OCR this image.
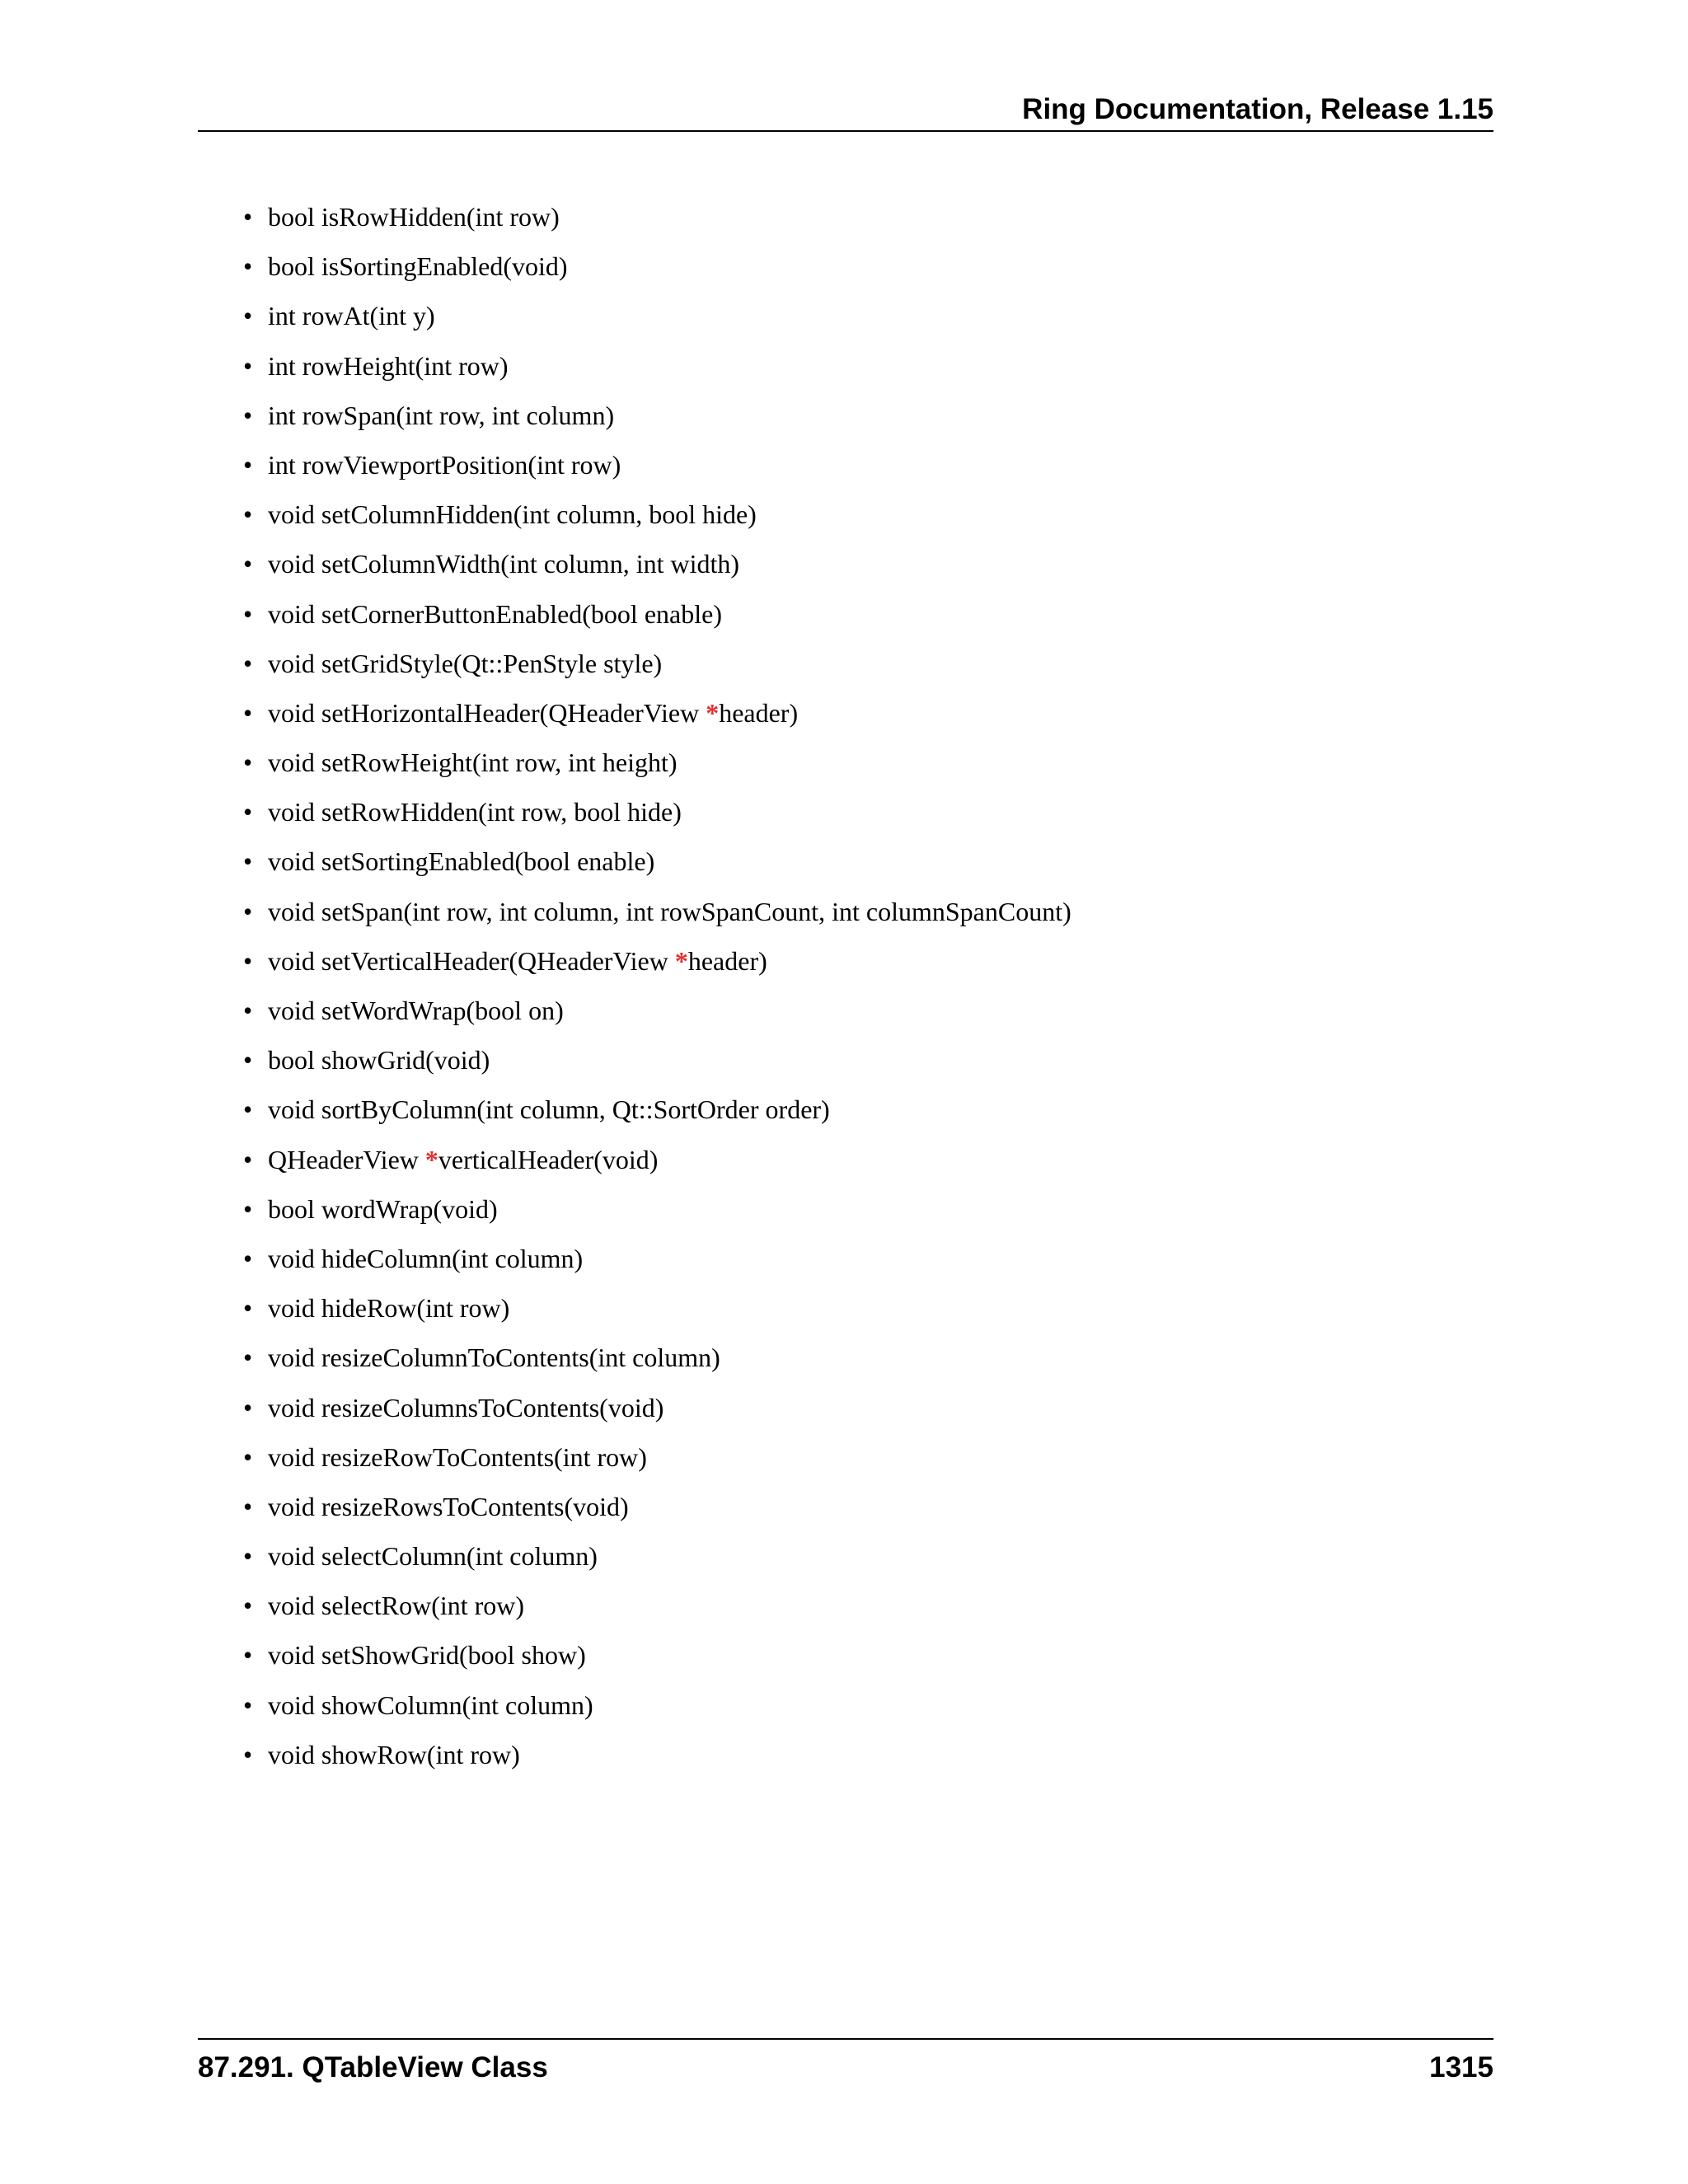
Ring Documentation, Release 1.15
• bool isRowHidden(int row)
• bool isSortingEnabled(void)
• int rowAt(int y)
• int rowHeight(int row)
• int rowSpan(int row, int column)
• int rowViewportPosition(int row)
• void setColumnHidden(int column, bool hide)
• void setColumnWidth(int column, int width)
• void setCornerButtonEnabled(bool enable)
• void setGridStyle(Qt::PenStyle style)
• void setHorizontalHeader(QHeaderView *header)
• void setRowHeight(int row, int height)
• void setRowHidden(int row, bool hide)
• void setSortingEnabled(bool enable)
• void setSpan(int row, int column, int rowSpanCount, int columnSpanCount)
• void setVerticalHeader(QHeaderView *header)
• void setWordWrap(bool on)
• bool showGrid(void)
• void sortByColumn(int column, Qt::SortOrder order)
• QHeaderView *verticalHeader(void)
• bool wordWrap(void)
• void hideColumn(int column)
• void hideRow(int row)
• void resizeColumnToContents(int column)
• void resizeColumnsToContents(void)
• void resizeRowToContents(int row)
• void resizeRowsToContents(void)
• void selectColumn(int column)
• void selectRow(int row)
• void setShowGrid(bool show)
• void showColumn(int column)
• void showRow(int row)
87.291. QTableView Class	1315
